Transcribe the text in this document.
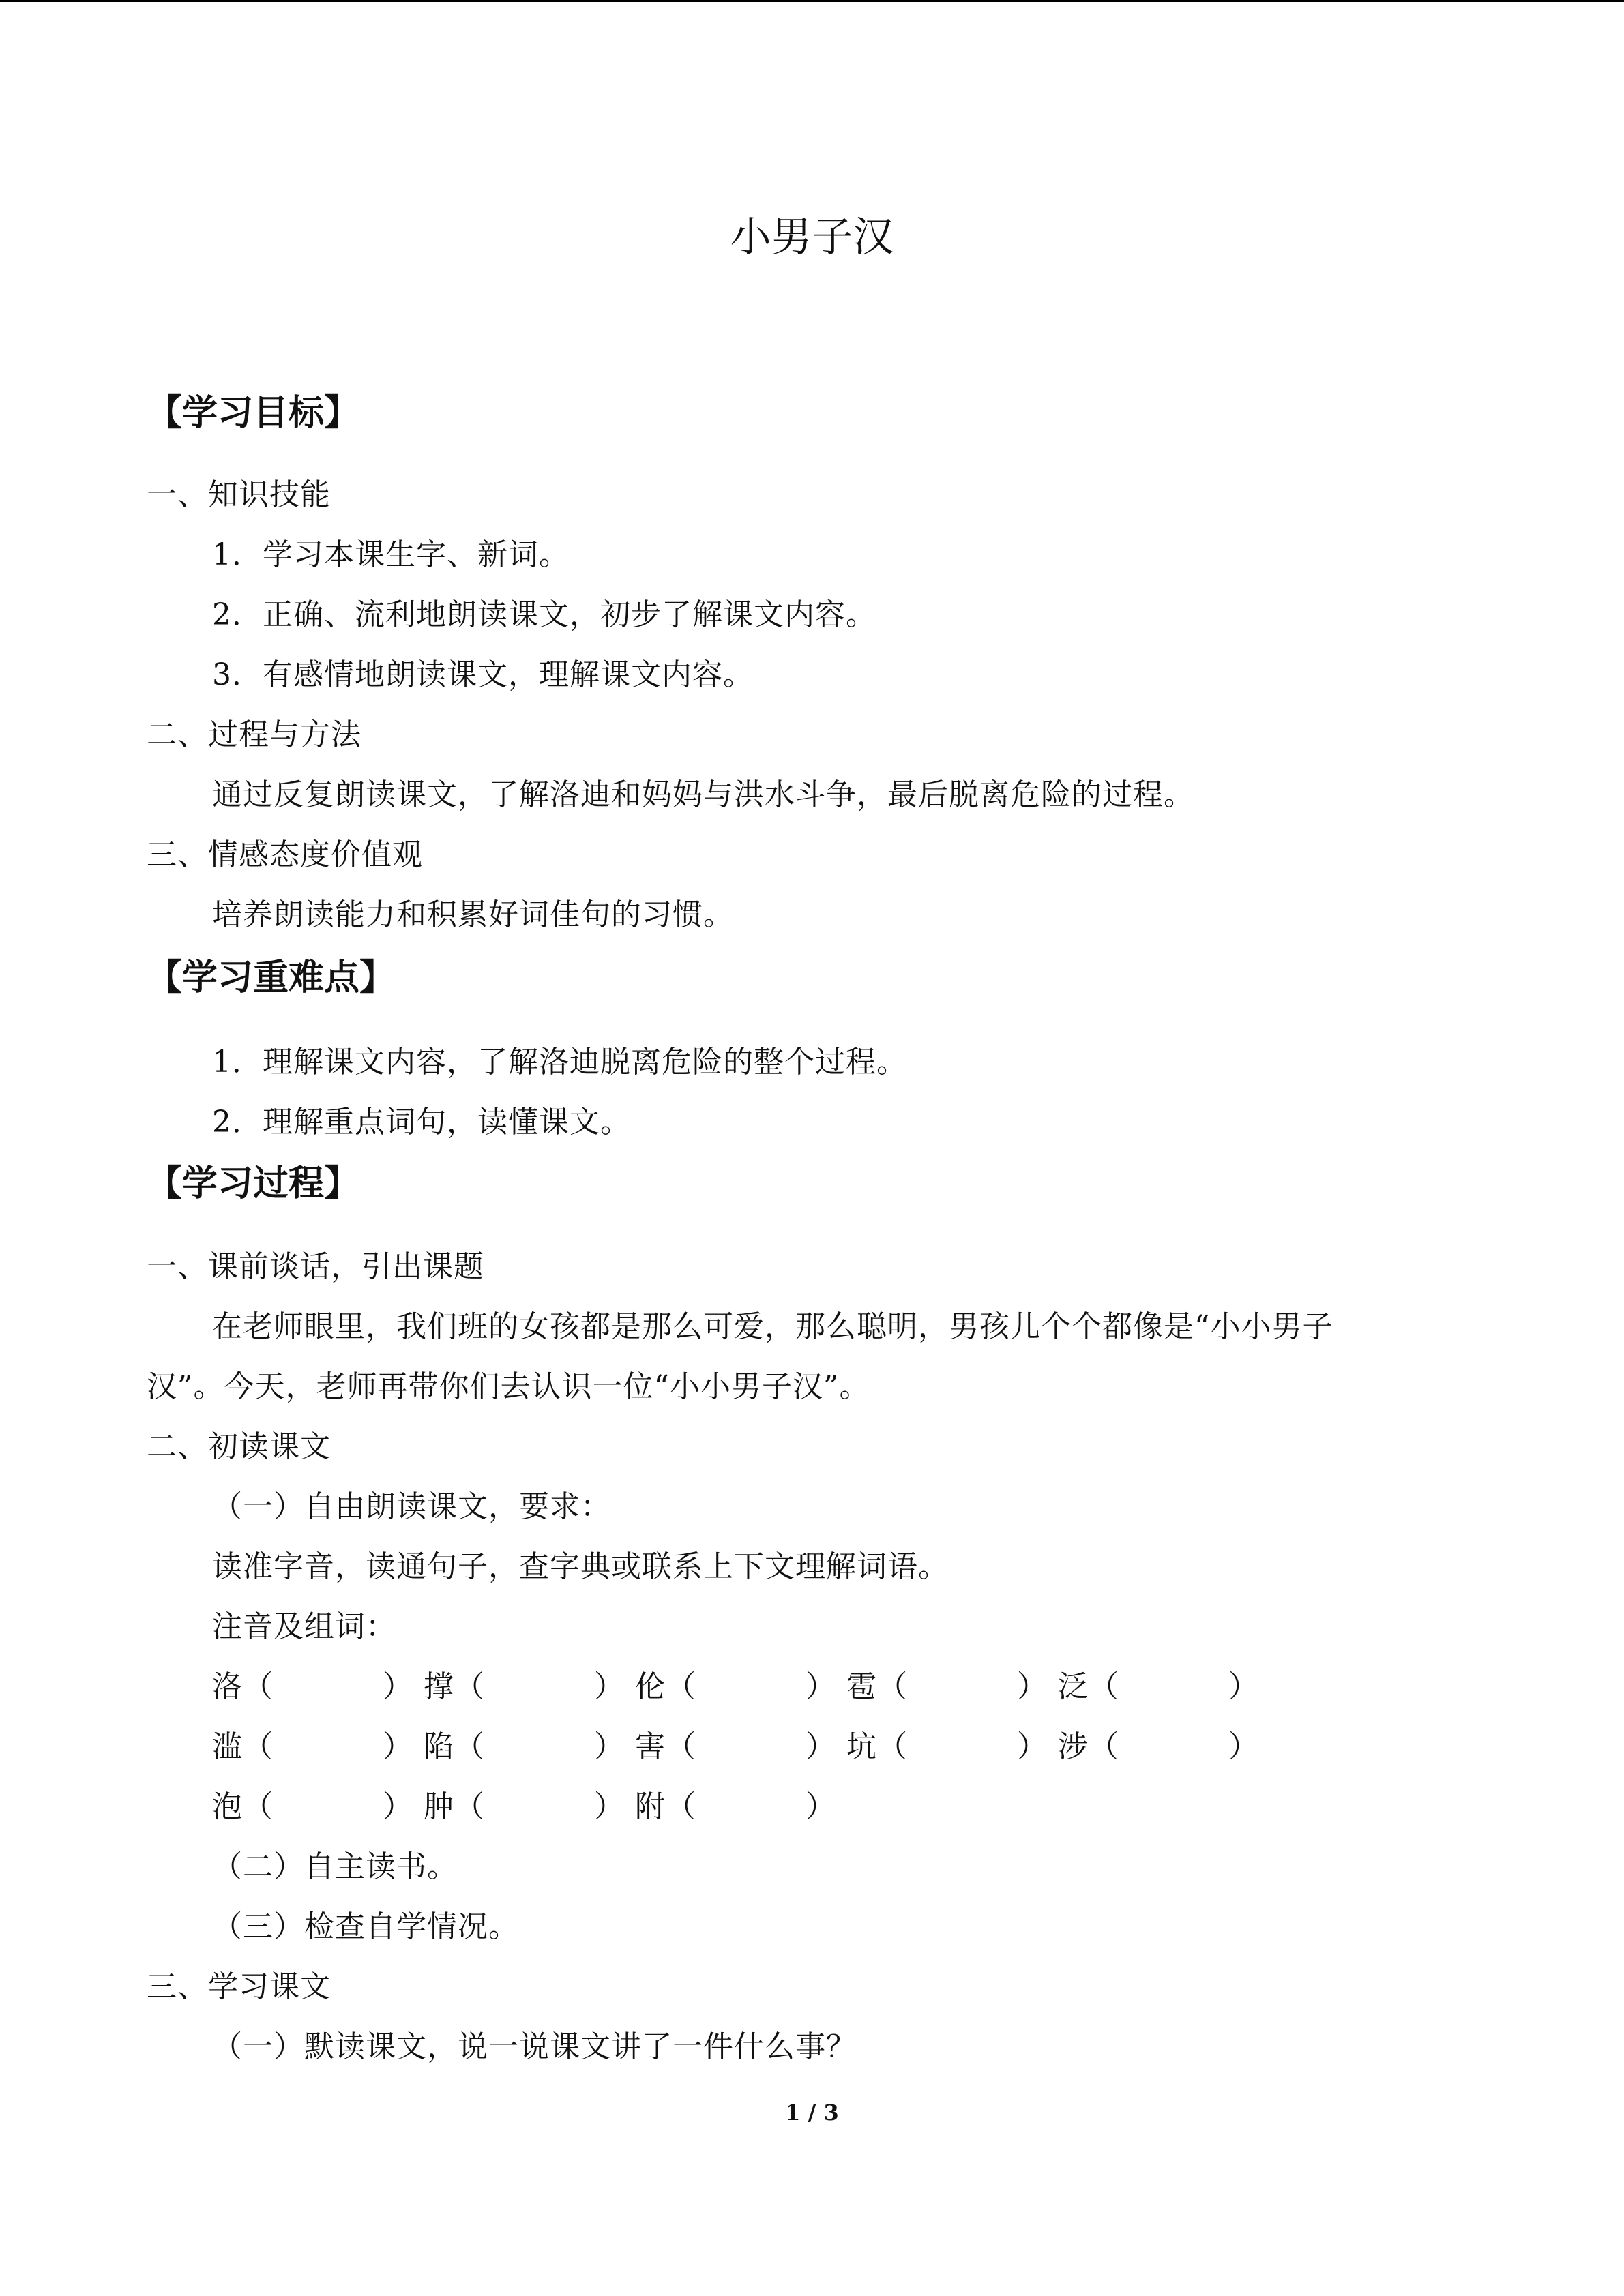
小男子汉
【学习目标】
一、知识技能
1．学习本课生字、新词。
2．正确、流利地朗读课文，初步了解课文内容。
3．有感情地朗读课文，理解课文内容。
二、过程与方法
通过反复朗读课文，了解洛迪和妈妈与洪水斗争，最后脱离危险的过程。
三、情感态度价值观
培养朗读能力和积累好词佳句的习惯。
【学习重难点】
1．理解课文内容，了解洛迪脱离危险的整个过程。
2．理解重点词句，读懂课文。
【学习过程】
一、课前谈话，引出课题
在老师眼里，我们班的女孩都是那么可爱，那么聪明，男孩儿个个都像是“小小男子
汉”。今天，老师再带你们去认识一位“小小男子汉”。
二、初读课文
（一）自由朗读课文，要求：
读准字音，读通句子，查字典或联系上下文理解词语。
注音及组词：
洛（	） 撑（	） 伦（	） 雹（	） 泛（	）
滥（	） 陷（	） 害（	） 坑（	） 涉（	）
泡（	） 肿（	） 附（	）
（二）自主读书。
（三）检查自学情况。
三、学习课文
（一）默读课文，说一说课文讲了一件什么事？
1 / 3
